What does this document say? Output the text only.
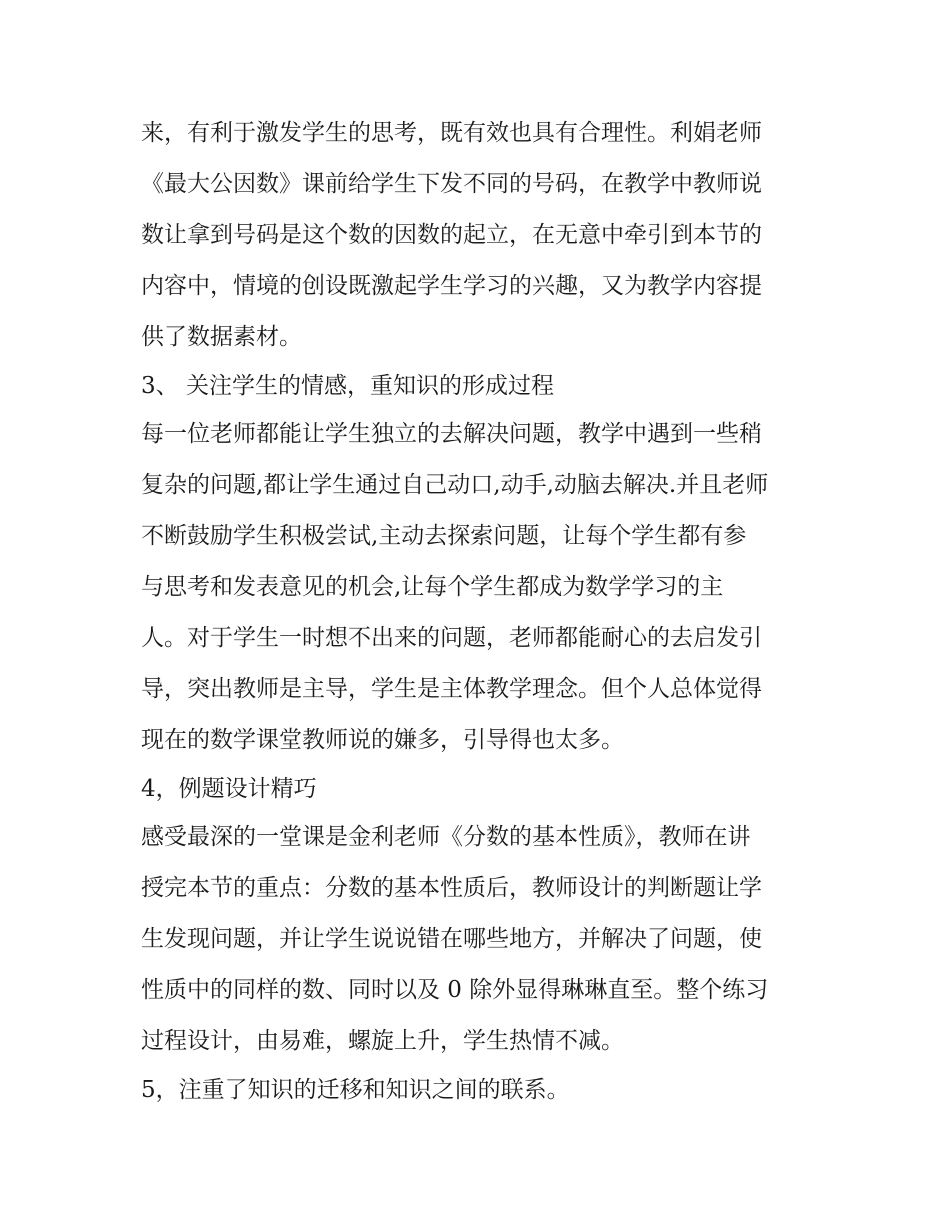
来，有利于激发学生的思考，既有效也具有合理性。利娟老师
《最大公因数》课前给学生下发不同的号码，在教学中教师说
数让拿到号码是这个数的因数的起立，在无意中牵引到本节的
内容中，情境的创设既激起学生学习的兴趣，又为教学内容提
供了数据素材。
3、 关注学生的情感，重知识的形成过程
每一位老师都能让学生独立的去解决问题，教学中遇到一些稍
复杂的问题,都让学生通过自己动口,动手,动脑去解决.并且老师
不断鼓励学生积极尝试,主动去探索问题，让每个学生都有参
与思考和发表意见的机会,让每个学生都成为数学学习的主
人。对于学生一时想不出来的问题，老师都能耐心的去启发引
导，突出教师是主导，学生是主体教学理念。但个人总体觉得
现在的数学课堂教师说的嫌多，引导得也太多。
4，例题设计精巧
感受最深的一堂课是金利老师《分数的基本性质》，教师在讲
授完本节的重点：分数的基本性质后，教师设计的判断题让学
生发现问题，并让学生说说错在哪些地方，并解决了问题，使
性质中的同样的数、同时以及 0 除外显得琳琳直至。整个练习
过程设计，由易难，螺旋上升，学生热情不减。
5，注重了知识的迁移和知识之间的联系。
